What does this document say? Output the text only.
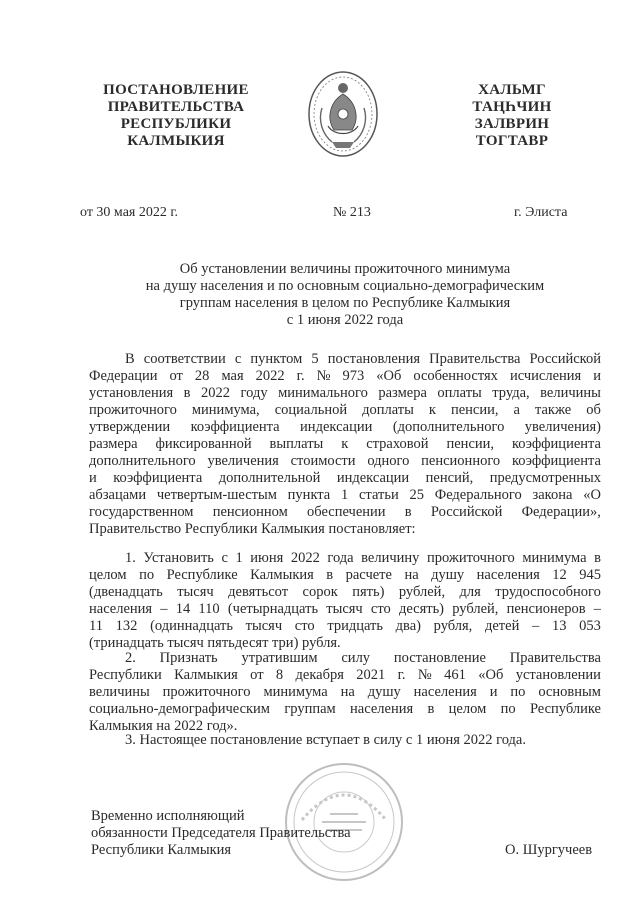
ПОСТАНОВЛЕНИЕ
ПРАВИТЕЛЬСТВА
РЕСПУБЛИКИ
КАЛМЫКИЯ
ХАЛЬМГ
ТАҢҺЧИН
ЗАЛВРИН
ТОГТАВР
от 30 мая 2022 г.	№ 213	г. Элиста
Об установлении величины прожиточного минимума
на душу населения и по основным социально-демографическим
группам населения в целом по Республике Калмыкия
с 1 июня 2022 года
В соответствии с пунктом 5 постановления Правительства Российской
Федерации от 28 мая 2022 г. № 973 «Об особенностях исчисления и
установления в 2022 году минимального размера оплаты труда, величины
прожиточного минимума, социальной доплаты к пенсии, а также об
утверждении коэффициента индексации (дополнительного увеличения)
размера фиксированной выплаты к страховой пенсии, коэффициента
дополнительного увеличения стоимости одного пенсионного коэффициента
и коэффициента дополнительной индексации пенсий, предусмотренных
абзацами четвертым-шестым пункта 1 статьи 25 Федерального закона «О
государственном пенсионном обеспечении в Российской Федерации»,
Правительство Республики Калмыкия постановляет:
1. Установить с 1 июня 2022 года величину прожиточного минимума в
целом по Республике Калмыкия в расчете на душу населения 12 945
(двенадцать тысяч девятьсот сорок пять) рублей, для трудоспособного
населения – 14 110 (четырнадцать тысяч сто десять) рублей, пенсионеров –
11 132 (одиннадцать тысяч сто тридцать два) рубля, детей – 13 053
(тринадцать тысяч пятьдесят три) рубля.
2. Признать утратившим силу постановление Правительства
Республики Калмыкия от 8 декабря 2021 г. № 461 «Об установлении
величины прожиточного минимума на душу населения и по основным
социально-демографическим группам населения в целом по Республике
Калмыкия на 2022 год».
3. Настоящее постановление вступает в силу с 1 июня 2022 года.
Временно исполняющий
обязанности Председателя Правительства
Республики Калмыкия	О. Шургучеев
